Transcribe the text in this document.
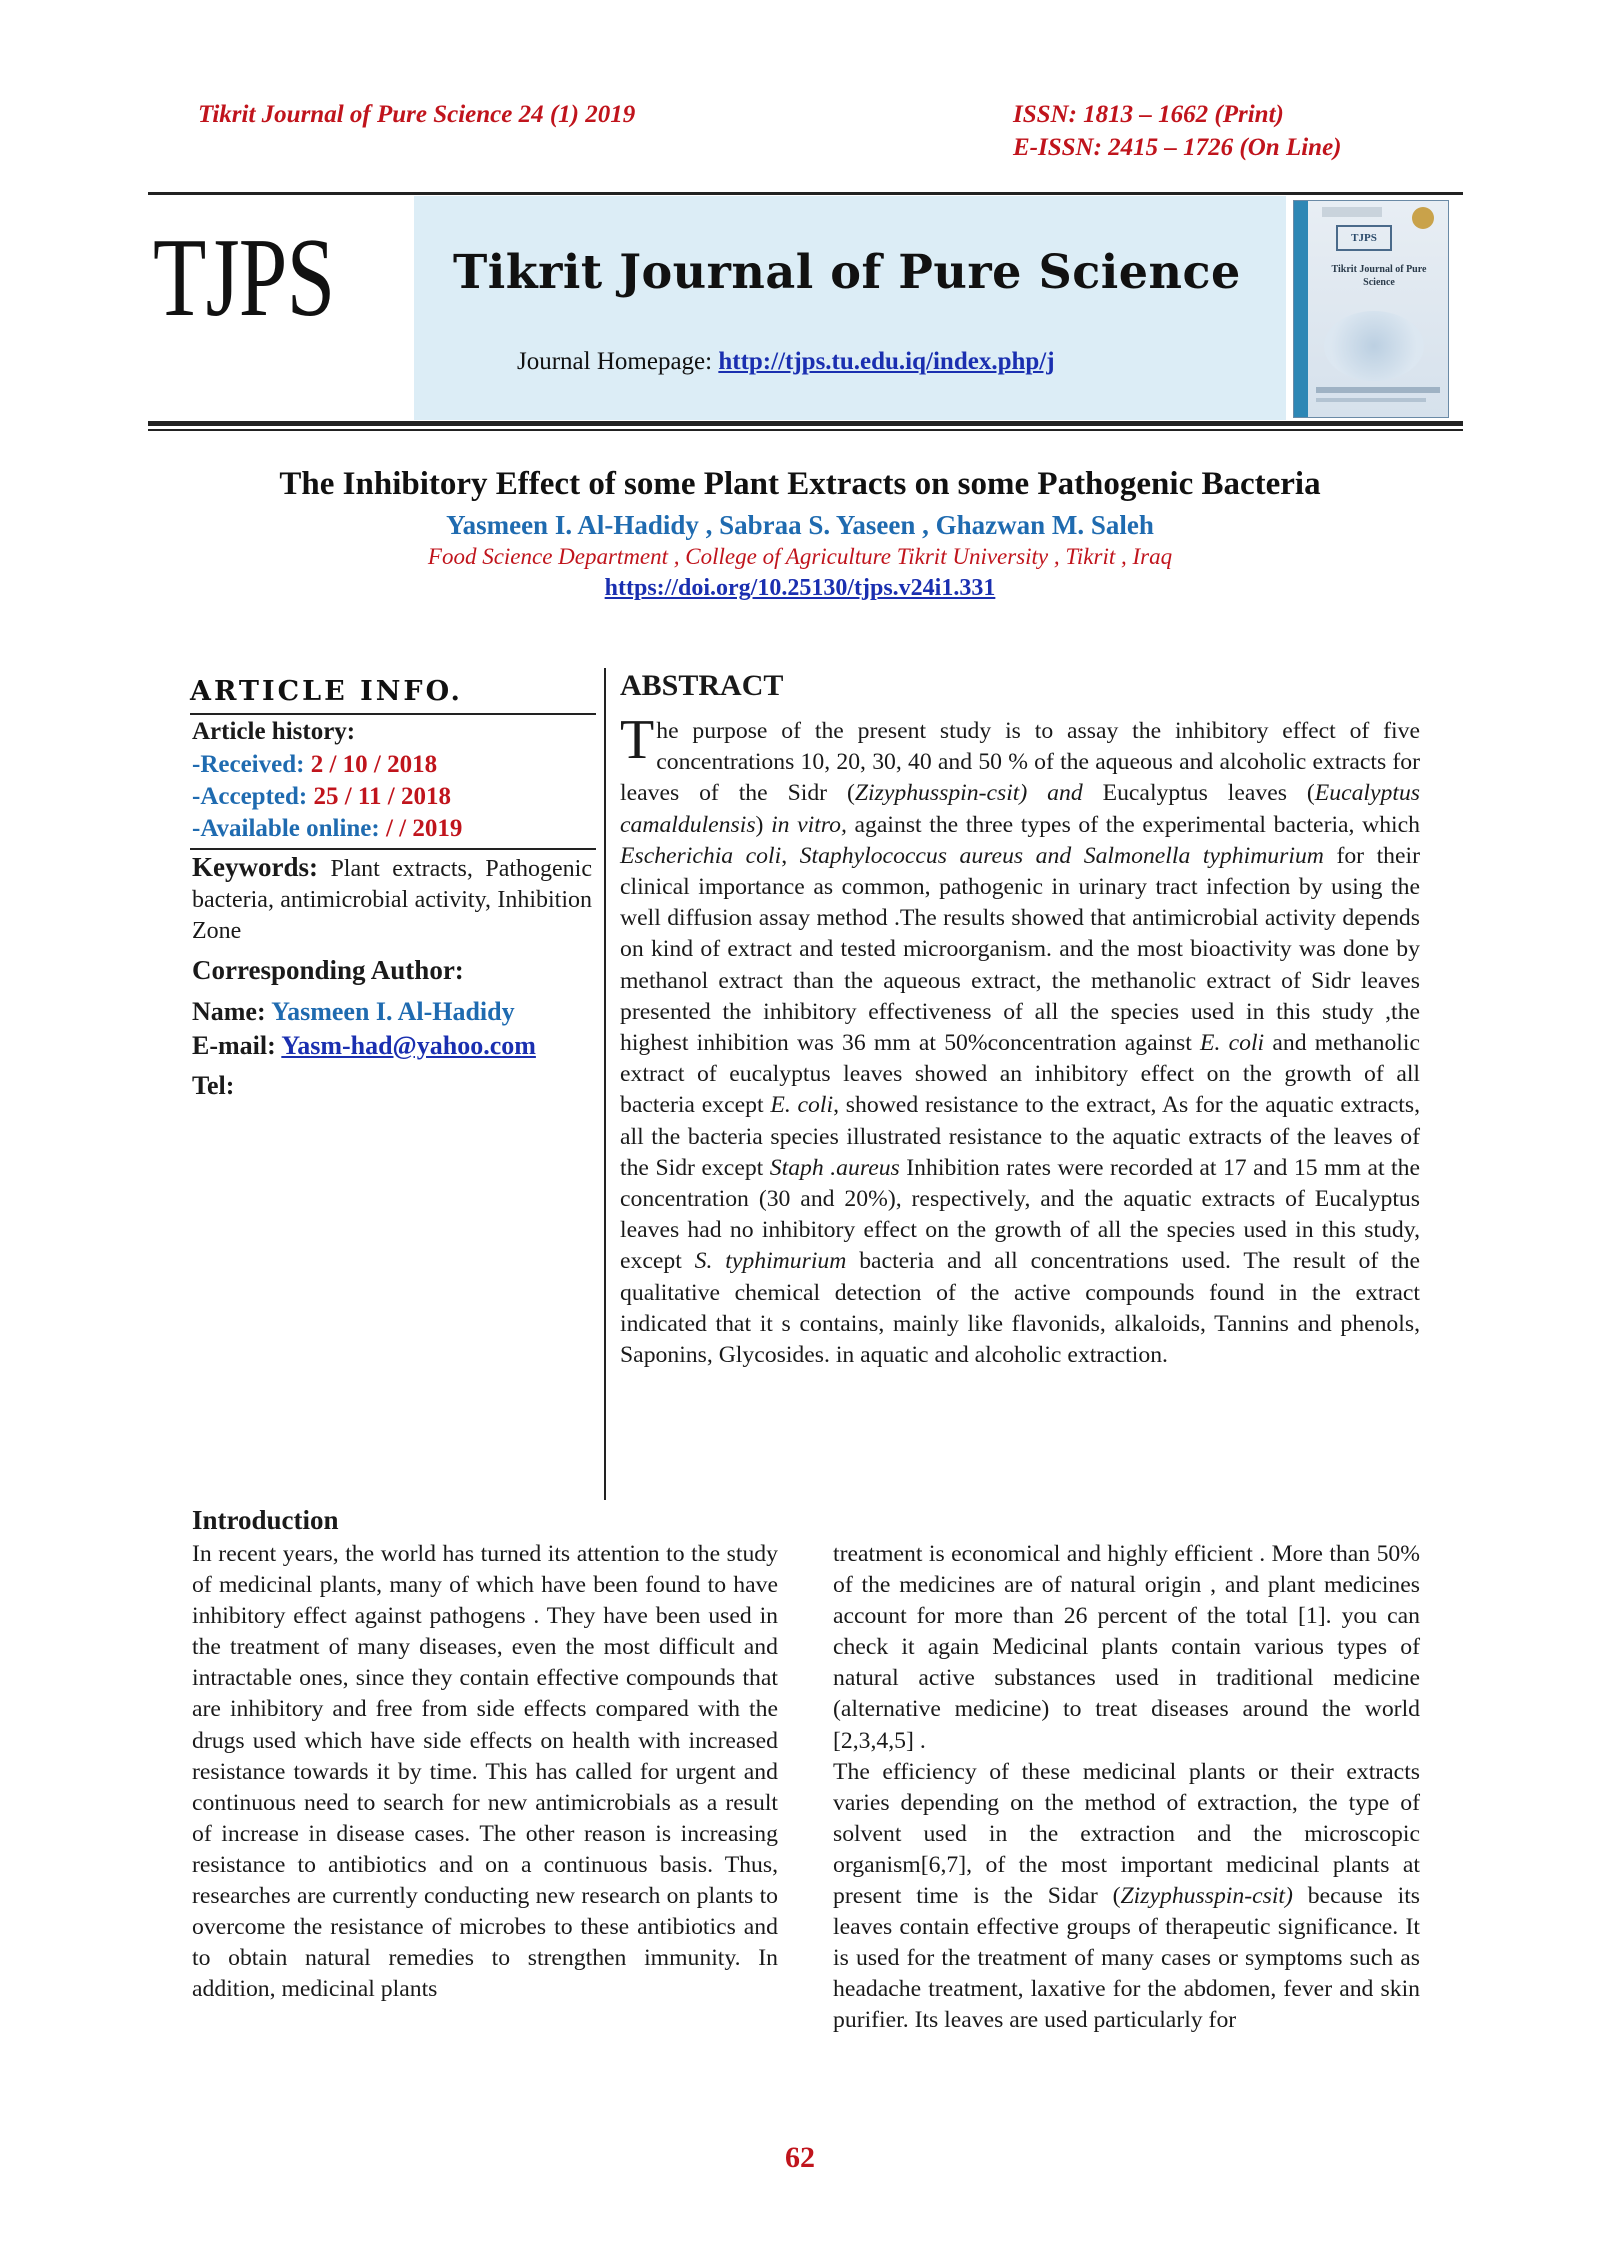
Tikrit Journal of Pure Science 24 (1) 2019	ISSN: 1813 – 1662 (Print)
E-ISSN: 2415 – 1726 (On Line)
TJPS	Tikrit Journal of Pure Science
Journal Homepage: http://tjps.tu.edu.iq/index.php/j
TJPS
Tikrit Journal of Pure Science
The Inhibitory Effect of some Plant Extracts on some Pathogenic Bacteria
Yasmeen I. Al-Hadidy , Sabraa S. Yaseen , Ghazwan M. Saleh
Food Science Department , College of Agriculture Tikrit University , Tikrit , Iraq
https://doi.org/10.25130/tjps.v24i1.331
ARTICLE INFO.
Article history:
-Received: 2 / 10 / 2018
-Accepted: 25 / 11 / 2018
-Available online: / / 2019
Keywords: Plant extracts, Pathogenic bacteria, antimicrobial activity, Inhibition Zone
Corresponding Author:
Name: Yasmeen I. Al-Hadidy
E-mail: Yasm-had@yahoo.com
Tel:
ABSTRACT
The purpose of the present study is to assay the inhibitory effect of five concentrations 10, 20, 30, 40 and 50 % of the aqueous and alcoholic extracts for leaves of the Sidr (Zizyphusspin-csit) and Eucalyptus leaves (Eucalyptus camaldulensis) in vitro, against the three types of the experimental bacteria, which Escherichia coli, Staphylococcus aureus and Salmonella typhimurium for their clinical importance as common, pathogenic in urinary tract infection by using the well diffusion assay method .The results showed that antimicrobial activity depends on kind of extract and tested microorganism. and the most bioactivity was done by methanol extract than the aqueous extract, the methanolic extract of Sidr leaves presented the inhibitory effectiveness of all the species used in this study ,the highest inhibition was 36 mm at 50%concentration against E. coli and methanolic extract of eucalyptus leaves showed an inhibitory effect on the growth of all bacteria except E. coli, showed resistance to the extract, As for the aquatic extracts, all the bacteria species illustrated resistance to the aquatic extracts of the leaves of the Sidr except Staph .aureus Inhibition rates were recorded at 17 and 15 mm at the concentration (30 and 20%), respectively, and the aquatic extracts of Eucalyptus leaves had no inhibitory effect on the growth of all the species used in this study, except S. typhimurium bacteria and all concentrations used. The result of the qualitative chemical detection of the active compounds found in the extract indicated that it s contains, mainly like flavonids, alkaloids, Tannins and phenols, Saponins, Glycosides. in aquatic and alcoholic extraction.
Introduction
In recent years, the world has turned its attention to the study of medicinal plants, many of which have been found to have inhibitory effect against pathogens . They have been used in the treatment of many diseases, even the most difficult and intractable ones, since they contain effective compounds that are inhibitory and free from side effects compared with the drugs used which have side effects on health with increased resistance towards it by time. This has called for urgent and continuous need to search for new antimicrobials as a result of increase in disease cases. The other reason is increasing resistance to antibiotics and on a continuous basis. Thus, researches are currently conducting new research on plants to overcome the resistance of microbes to these antibiotics and to obtain natural remedies to strengthen immunity. In addition, medicinal plants

treatment is economical and highly efficient . More than 50% of the medicines are of natural origin , and plant medicines account for more than 26 percent of the total [1]. you can check it again Medicinal plants contain various types of natural active substances used in traditional medicine (alternative medicine) to treat diseases around the world [2,3,4,5] .

The efficiency of these medicinal plants or their extracts varies depending on the method of extraction, the type of solvent used in the extraction and the microscopic organism[6,7], of the most important medicinal plants at present time is the Sidar (Zizyphusspin-csit) because its leaves contain effective groups of therapeutic significance. It is used for the treatment of many cases or symptoms such as headache treatment, laxative for the abdomen, fever and skin purifier. Its leaves are used particularly for

62
